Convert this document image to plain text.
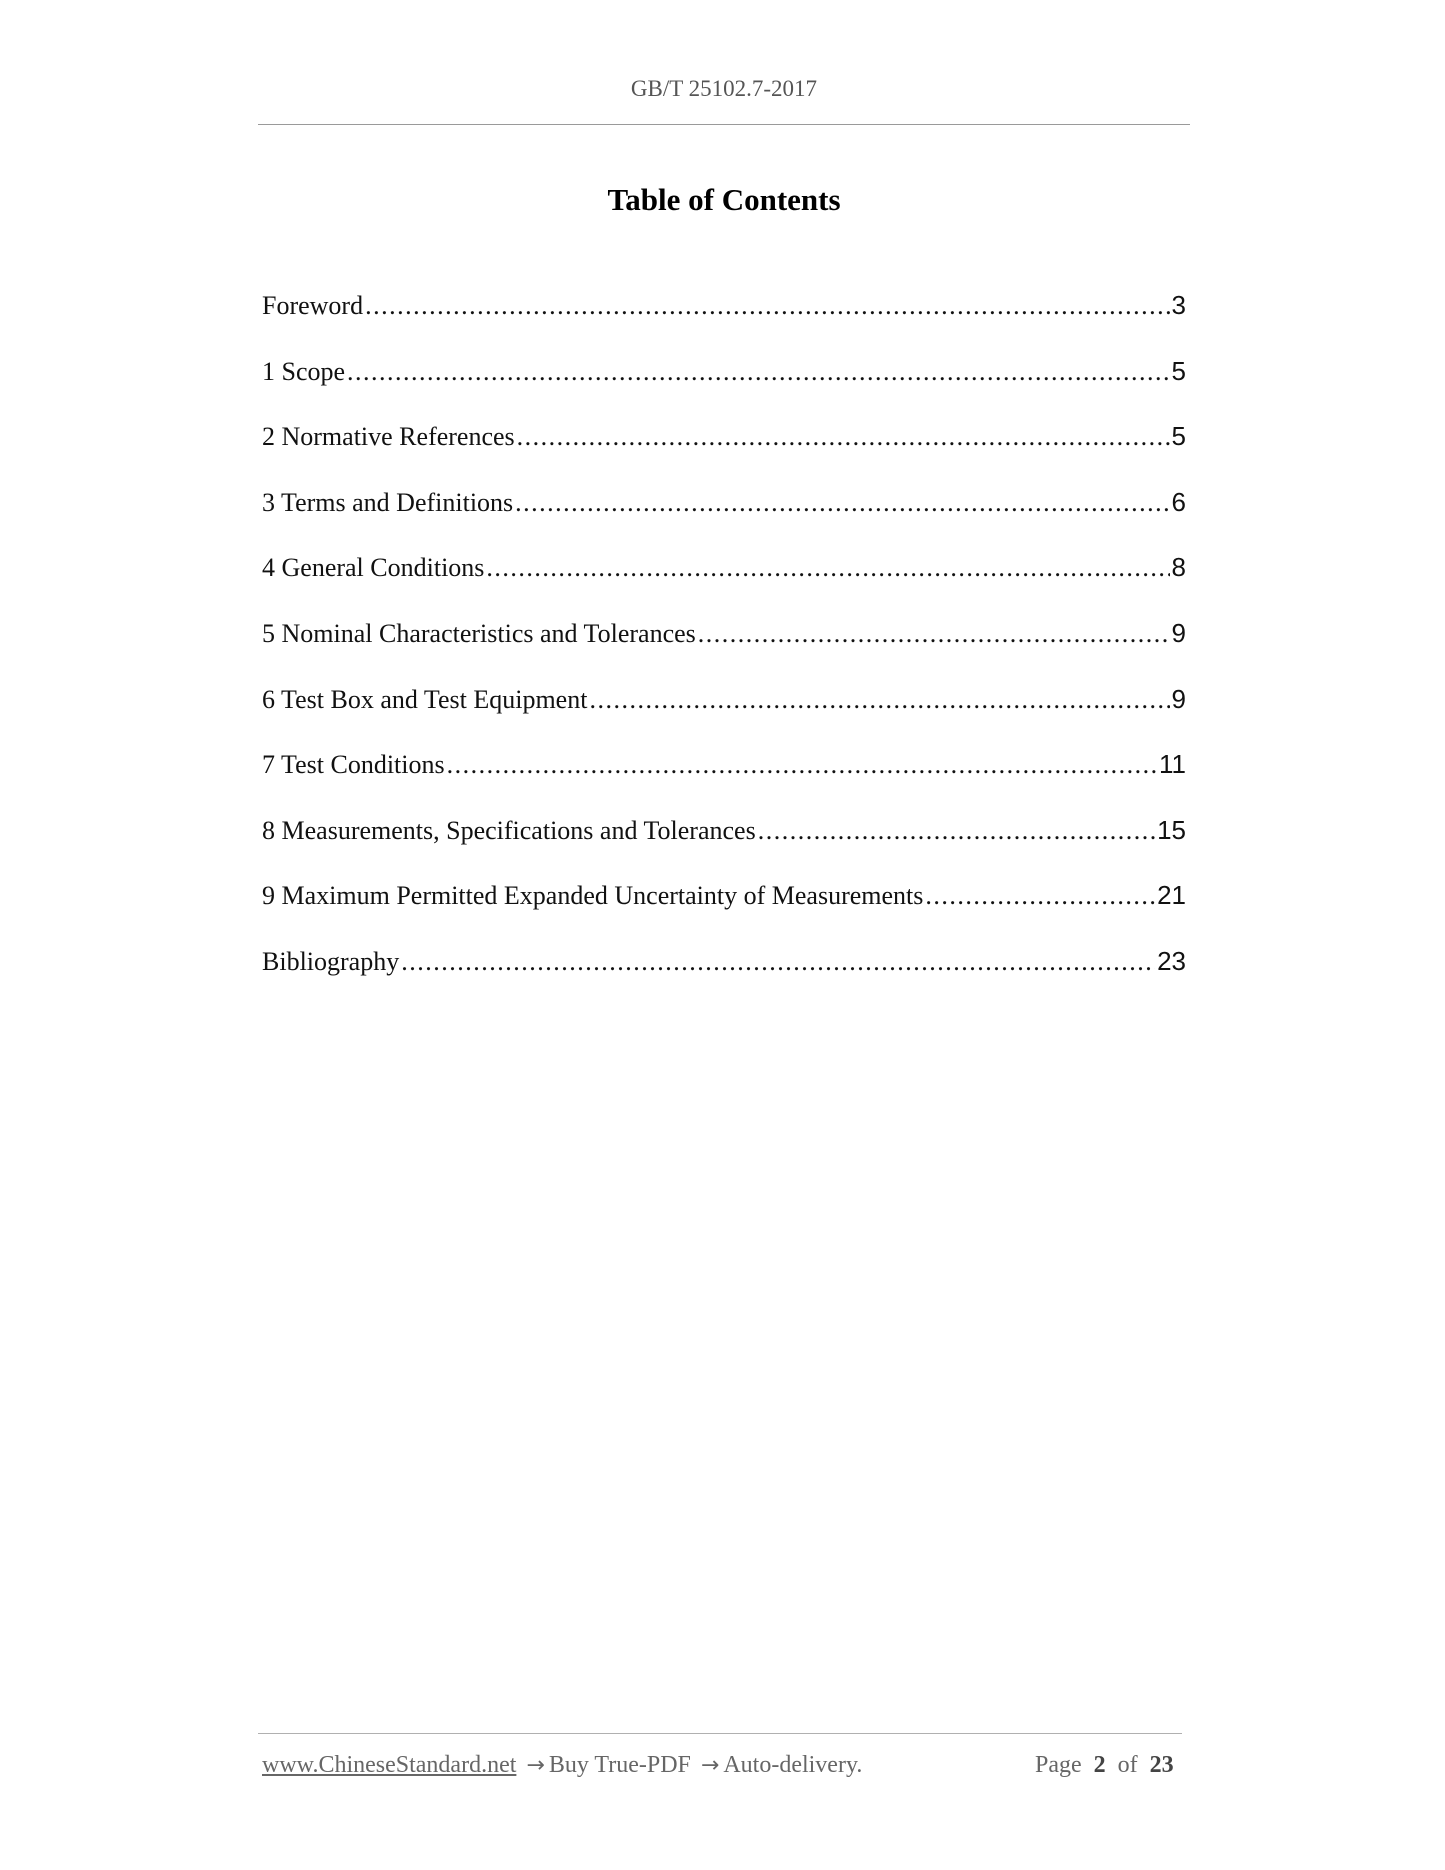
GB/T 25102.7-2017
Table of Contents
Foreword .....	3
1 Scope .....	5
2 Normative References .....	5
3 Terms and Definitions .....	6
4 General Conditions .....	8
5 Nominal Characteristics and Tolerances .....	9
6 Test Box and Test Equipment .....	9
7 Test Conditions .....	11
8 Measurements, Specifications and Tolerances .....	15
9 Maximum Permitted Expanded Uncertainty of Measurements .....	21
Bibliography .....	23
www.ChineseStandard.net → Buy True-PDF → Auto-delivery.	Page 2 of 23
